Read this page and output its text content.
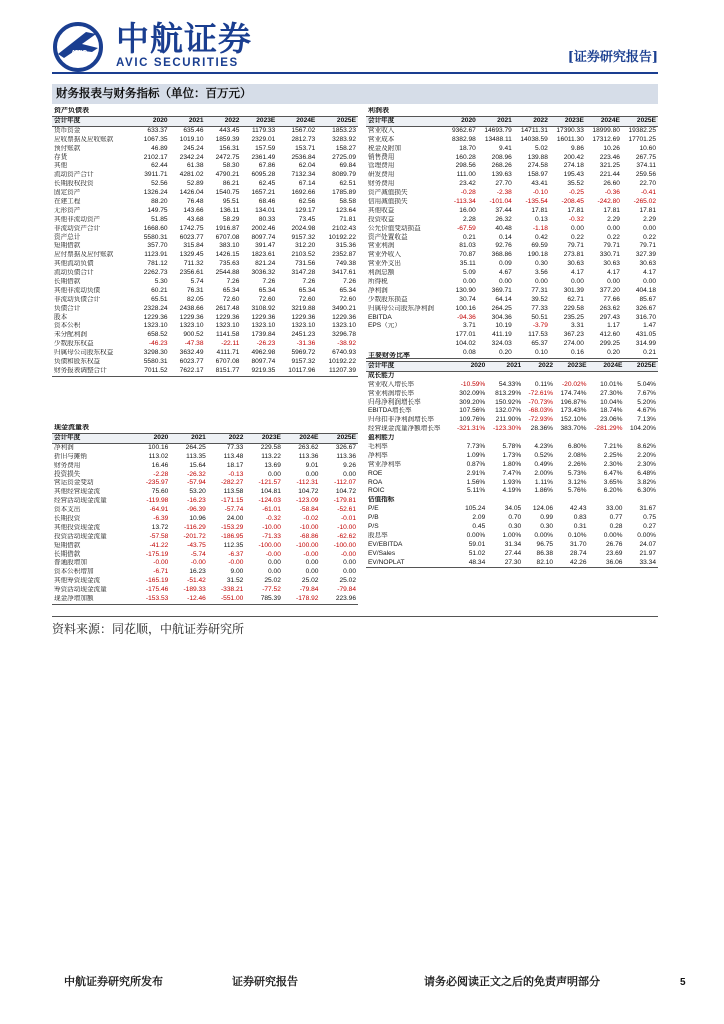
AVIC 中航证券
AVIC SECURITIES	[证券研究报告]
财务报表与财务指标（单位：百万元）
资产负债表						
会计年度	2020	2021	2022	2023E	2024E	2025E
货币资金	633.37	635.46	443.45	1179.33	1567.02	1853.23
应收票据及应收账款	1067.35	1019.10	1859.39	2329.01	2812.73	3283.92
预付账款	46.89	245.24	156.31	157.59	153.71	158.27
存货	2102.17	2342.24	2472.75	2361.49	2536.84	2725.09
其他	62.44	61.38	58.30	67.86	62.04	69.84
流动资产合计	3911.71	4281.02	4790.21	6095.28	7132.34	8089.79
长期股权投资	52.56	52.89	86.21	62.45	67.14	62.51
固定资产	1326.24	1426.04	1540.75	1657.21	1692.66	1785.89
在建工程	88.20	76.48	95.51	68.46	62.56	58.58
无形资产	149.75	143.66	136.11	134.01	129.17	123.64
其他非流动资产	51.85	43.68	58.29	80.33	73.45	71.81
非流动资产合计	1668.60	1742.75	1916.87	2002.46	2024.98	2102.43
资产总计	5580.31	6023.77	6707.08	8097.74	9157.32	10192.22
短期借款	357.70	315.84	383.10	391.47	312.20	315.36
应付票据及应付账款	1123.91	1329.45	1426.15	1823.61	2103.52	2352.87
其他流动负债	781.12	711.32	735.63	821.24	731.56	749.38
流动负债合计	2262.73	2356.61	2544.88	3036.32	3147.28	3417.61
长期借款	5.30	5.74	7.26	7.26	7.26	7.26
其他非流动负债	60.21	76.31	65.34	65.34	65.34	65.34
非流动负债合计	65.51	82.05	72.60	72.60	72.60	72.60
负债合计	2328.24	2438.66	2617.48	3108.92	3219.88	3490.21
股本	1229.36	1229.36	1229.36	1229.36	1229.36	1229.36
资本公积	1323.10	1323.10	1323.10	1323.10	1323.10	1323.10
未分配利润	658.52	900.52	1141.58	1739.84	2451.23	3296.78
少数股东权益	-46.23	-47.38	-22.11	-26.23	-31.36	-38.92
归属母公司股东权益	3298.30	3632.49	4111.71	4962.98	5969.72	6740.93
负债和股东权益	5580.31	6023.77	6707.08	8097.74	9157.32	10192.22
财务报表调整合计	7011.52	7622.17	8151.77	9219.35	10117.96	11207.39
现金流量表						
会计年度	2020	2021	2022	2023E	2024E	2025E
净利润	100.16	264.25	77.33	229.58	263.62	326.67
折旧与摊销	113.02	113.35	113.48	113.22	113.36	113.36
财务费用	16.46	15.64	18.17	13.69	9.01	9.26
投资损失	-2.28	-26.32	-0.13	0.00	0.00	0.00
营运资金变动	-235.97	-57.94	-282.27	-121.57	-112.31	-112.07
其他经营现金流	75.60	53.20	113.58	104.81	104.72	104.72
经营活动现金流量	-119.98	-16.23	-171.15	-124.03	-123.09	-179.81
资本支出	-64.91	-96.39	-57.74	-61.01	-58.84	-52.61
长期投资	-6.39	10.96	24.00	-0.32	-0.02	-0.01
其他投资现金流	13.72	-116.29	-153.29	-10.00	-10.00	-10.00
投资活动现金流量	-57.58	-201.72	-186.95	-71.33	-68.86	-62.62
短期借款	-41.22	-43.75	112.35	-100.00	-100.00	-100.00
长期借款	-175.19	-5.74	-6.37	-0.00	-0.00	-0.00
普通股增加	-0.00	-0.00	-0.00	0.00	0.00	0.00
资本公积增加	-6.71	16.23	9.00	0.00	0.00	0.00
其他筹资现金流	-165.19	-51.42	31.52	25.02	25.02	25.02
筹资活动现金流量	-175.46	-189.33	-338.21	-77.52	-79.84	-79.84
现金净增加额	-153.53	-12.46	-551.00	785.39	-178.92	223.96
利润表						
会计年度	2020	2021	2022	2023E	2024E	2025E
营业收入	9362.67	14693.79	14711.31	17390.33	18999.80	19382.25
营业成本	8382.98	13488.11	14038.59	16011.30	17312.69	17701.25
税金及附加	18.70	9.41	5.02	9.86	10.26	10.60
销售费用	160.28	208.96	139.88	200.42	223.46	267.75
管理费用	298.56	268.26	274.58	274.18	321.25	374.11
研发费用	111.00	139.63	158.97	195.43	221.44	259.56
财务费用	23.42	27.70	43.41	35.52	26.60	22.70
资产减值损失	-0.28	-2.38	-0.10	-0.25	-0.36	-0.41
信用减值损失	-113.34	-101.04	-135.54	-208.45	-242.80	-265.02
其他收益	16.00	37.44	17.81	17.81	17.81	17.81
投资收益	2.28	26.32	0.13	-0.32	2.29	2.29
公允价值变动损益	-67.59	40.48	-1.18	0.00	0.00	0.00
资产处置收益	0.21	0.14	0.42	0.22	0.22	0.22
营业利润	81.03	92.76	69.59	79.71	79.71	79.71
营业外收入	70.87	368.86	190.18	273.81	330.71	327.39
营业外支出	35.11	0.09	0.30	30.63	30.63	30.63
利润总额	5.09	4.67	3.56	4.17	4.17	4.17
所得税	0.00	0.00	0.00	0.00	0.00	0.00
净利润	130.90	369.71	77.31	301.39	377.20	404.18
少数股东损益	30.74	64.14	39.52	62.71	77.66	85.67
归属母公司股东净利润	100.16	264.25	77.33	229.58	263.62	326.67
EBITDA	-94.36	304.36	50.51	235.25	297.43	316.70
EPS（元）	3.71	10.19	-3.79	3.31	1.17	1.47
	177.01	411.19	117.53	367.23	412.60	431.05
	104.02	324.03	65.37	274.00	299.25	314.99
	0.08	0.20	0.10	0.16	0.20	0.21
主要财务比率						
会计年度	2020	2021	2022	2023E	2024E	2025E
成长能力						
营业收入增长率	-10.59%	54.33%	0.11%	-20.02%	10.01%	5.04%
营业利润增长率	302.09%	813.29%	-72.61%	174.74%	27.30%	7.67%
归母净利润增长率	309.20%	150.92%	-70.73%	196.87%	10.04%	5.20%
EBITDA增长率	107.56%	132.07%	-68.03%	173.43%	18.74%	4.67%
归母扣非净利润增长率	109.76%	211.90%	-72.93%	152.10%	23.06%	7.13%
经营现金流量净额增长率	-321.31%	-123.30%	28.36%	383.70%	-281.29%	104.20%
盈利能力						
毛利率	7.73%	5.78%	4.23%	6.80%	7.21%	8.62%
净利率	1.09%	1.73%	0.52%	2.08%	2.25%	2.20%
营业净利率	0.87%	1.80%	0.49%	2.26%	2.30%	2.30%
ROE	2.91%	7.47%	2.00%	5.73%	6.47%	6.48%
ROA	1.56%	1.93%	1.11%	3.12%	3.65%	3.82%
ROIC	5.11%	4.19%	1.86%	5.76%	6.20%	6.30%
估值指标						
P/E	105.24	34.05	124.06	42.43	33.00	31.67
P/B	2.09	0.70	0.99	0.83	0.77	0.75
P/S	0.45	0.30	0.30	0.31	0.28	0.27
股息率	0.00%	1.00%	0.00%	0.10%	0.00%	0.00%
EV/EBITDA	59.01	31.34	96.75	31.70	26.76	24.07
EV/Sales	51.02	27.44	86.38	28.74	23.69	21.97
EV/NOPLAT	48.34	27.30	82.10	42.26	36.06	33.34
资料来源：同花顺，中航证券研究所
中航证券研究所发布	证券研究报告	请务必阅读正文之后的免责声明部分	5
